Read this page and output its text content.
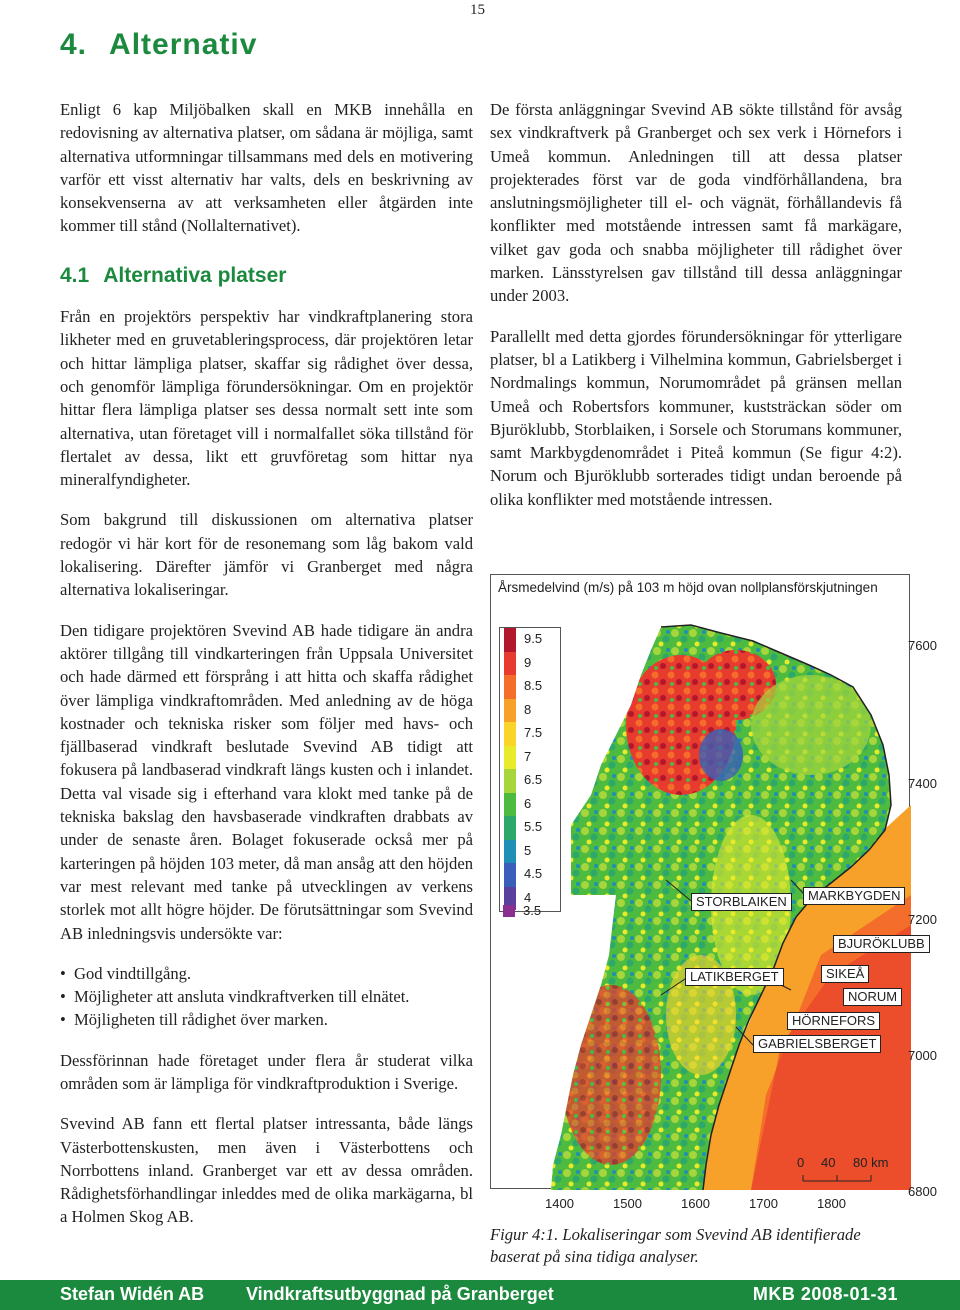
15
4. Alternativ

Enligt 6 kap Miljöbalken skall en MKB innehålla en redovisning av alternativa platser, om sådana är möjliga, samt alternativa utformningar tillsammans med dels en motivering varför ett visst alternativ har valts, dels en beskrivning av konsekvenserna av att verksamheten eller åtgärden inte kommer till stånd (Nollalternativet).

4.1 Alternativa platser

Från en projektörs perspektiv har vindkraftplanering stora likheter med en gruvetableringsprocess, där projektören letar och hittar lämpliga platser, skaffar sig rådighet över dessa, och genomför lämpliga förundersökningar. Om en projektör hittar flera lämpliga platser ses dessa normalt sett inte som alternativa, utan företaget vill i normalfallet söka tillstånd för flertalet av dessa, likt ett gruvföretag som hittar nya mineralfyndigheter.

Som bakgrund till diskussionen om alternativa platser redogör vi här kort för de resonemang som låg bakom vald lokalisering. Därefter jämför vi Granberget med några alternativa lokaliseringar.

Den tidigare projektören Svevind AB hade tidigare än andra aktörer tillgång till vindkarteringen från Uppsala Universitet och hade därmed ett försprång i att hitta och skaffa rådighet över lämpliga vindkraftområden. Med anledning av de höga kostnader och tekniska risker som följer med havs- och fjällbaserad vindkraft beslutade Svevind AB tidigt att fokusera på landbaserad vindkraft längs kusten och i inlandet. Detta val visade sig i efterhand vara klokt med tanke på de tekniska bakslag den havsbaserade vindkraften drabbats av under de senaste åren. Bolaget fokuserade också mer på karteringen på höjden 103 meter, då man ansåg att den höjden var mest relevant med tanke på utvecklingen av verkens storlek mot allt högre höjder. De förutsättningar som Svevind AB inledningsvis undersökte var:

• God vindtillgång.
• Möjligheter att ansluta vindkraftverken till elnätet.
• Möjligheten till rådighet över marken.

Dessförinnan hade företaget under flera år studerat vilka områden som är lämpliga för vindkraftproduktion i Sverige.

Svevind AB fann ett flertal platser intressanta, både längs Västerbottenskusten, men även i Västerbottens och Norrbottens inland. Granberget var ett av dessa områden. Rådighetsförhandlingar inleddes med de olika markägarna, bl a Holmen Skog AB.

De första anläggningar Svevind AB sökte tillstånd för avsåg sex vindkraftverk på Granberget och sex verk i Hörnefors i Umeå kommun. Anledningen till att dessa platser projekterades först var de goda vindförhållandena, bra anslutningsmöjligheter till el- och vägnät, förhållandevis få konflikter med motstående intressen samt få markägare, vilket gav goda och snabba möjligheter till rådighet över marken. Länsstyrelsen gav tillstånd till dessa anläggningar under 2003.

Parallellt med detta gjordes förundersökningar för ytterligare platser, bl a Latikberg i Vilhelmina kommun, Gabrielsberget i Nordmalings kommun, Norumområdet på gränsen mellan Umeå och Robertsfors kommuner, kuststräckan söder om Bjuröklubb, Storblaiken, i Sorsele och Storumans kommuner, samt Markbygdenområdet i Piteå kommun (Se figur 4:2). Norum och Bjuröklubb sorterades tidigt undan beroende på olika konflikter med motstående intressen.

Årsmedelvind (m/s) på 103 m höjd ovan nollplansförskjutningen
9.5
9
8.5
8
7.5
7
6.5
6
5.5
5
4.5
4
3.5
STORBLAIKEN	MARKBYGDEN
BJURÖKLUBB
LATIKBERGET	SIKEÅ
NORUM
HÖRNEFORS
GABRIELSBERGET
0 40 80 km
7600
7400
7200
7000
6800
1400	1500	1600	1700	1800
Figur 4:1. Lokaliseringar som Svevind AB identifierade baserat på sina tidiga analyser.
Stefan Widén AB Vindkraftsutbyggnad på Granberget	MKB 2008-01-31
